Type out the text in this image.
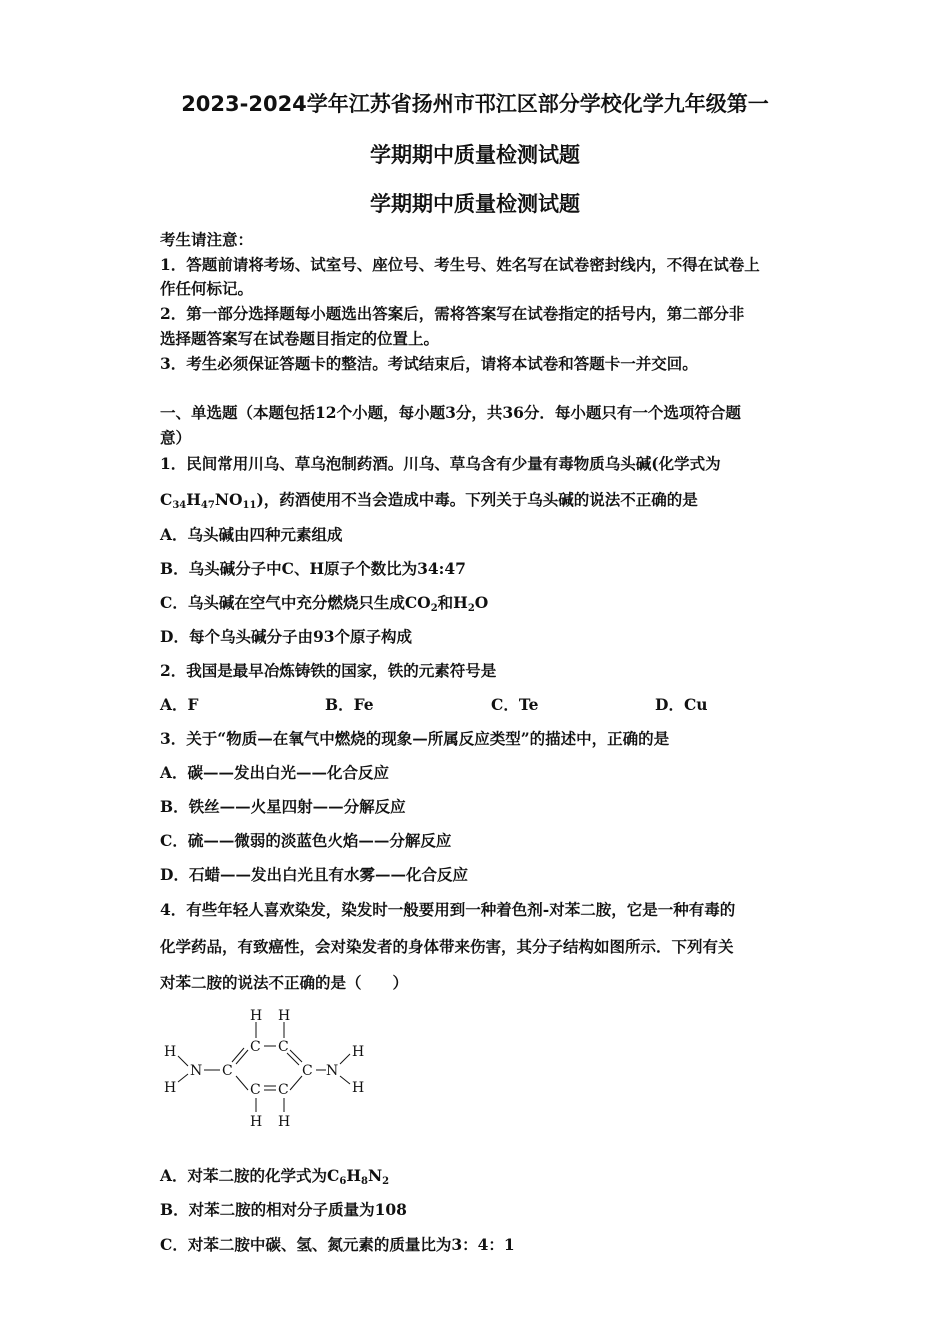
2023-2024学年江苏省扬州市邗江区部分学校化学九年级第一
学期期中质量检测试题
学期期中质量检测试题
考生请注意：
1．答题前请将考场、试室号、座位号、考生号、姓名写在试卷密封线内，不得在试卷上
作任何标记。
2．第一部分选择题每小题选出答案后，需将答案写在试卷指定的括号内，第二部分非
选择题答案写在试卷题目指定的位置上。
3．考生必须保证答题卡的整洁。考试结束后，请将本试卷和答题卡一并交回。
一、单选题（本题包括12个小题，每小题3分，共36分．每小题只有一个选项符合题
意）
1．民间常用川乌、草乌泡制药酒。川乌、草乌含有少量有毒物质乌头碱(化学式为
$C_{34}H_{47}NO_{11}$)，药酒使用不当会造成中毒。下列关于乌头碱的说法不正确的是
A．乌头碱由四种元素组成
B．乌头碱分子中C、H原子个数比为34:47
C．乌头碱在空气中充分燃烧只生成$CO_2$和$H_2O$
D．每个乌头碱分子由93个原子构成
2．我国是最早冶炼铸铁的国家，铁的元素符号是
A．F	B．Fe	C．Te	D．Cu
3．关于“物质—在氧气中燃烧的现象—所属反应类型”的描述中，正确的是
A．碳——发出白光——化合反应
B．铁丝——火星四射——分解反应
C．硫——微弱的淡蓝色火焰——分解反应
D．石蜡——发出白光且有水雾——化合反应
4．有些年轻人喜欢染发，染发时一般要用到一种着色剂-对苯二胺，它是一种有毒的
化学药品，有致癌性，会对染发者的身体带来伤害，其分子结构如图所示．下列有关
对苯二胺的说法不正确的是（　　）
H
H
N C
C C
C
C C
N
H
H
H H
H H
A．对苯二胺的化学式为$C_6H_8N_2$
B．对苯二胺的相对分子质量为108
C．对苯二胺中碳、氢、氮元素的质量比为3：4：1
